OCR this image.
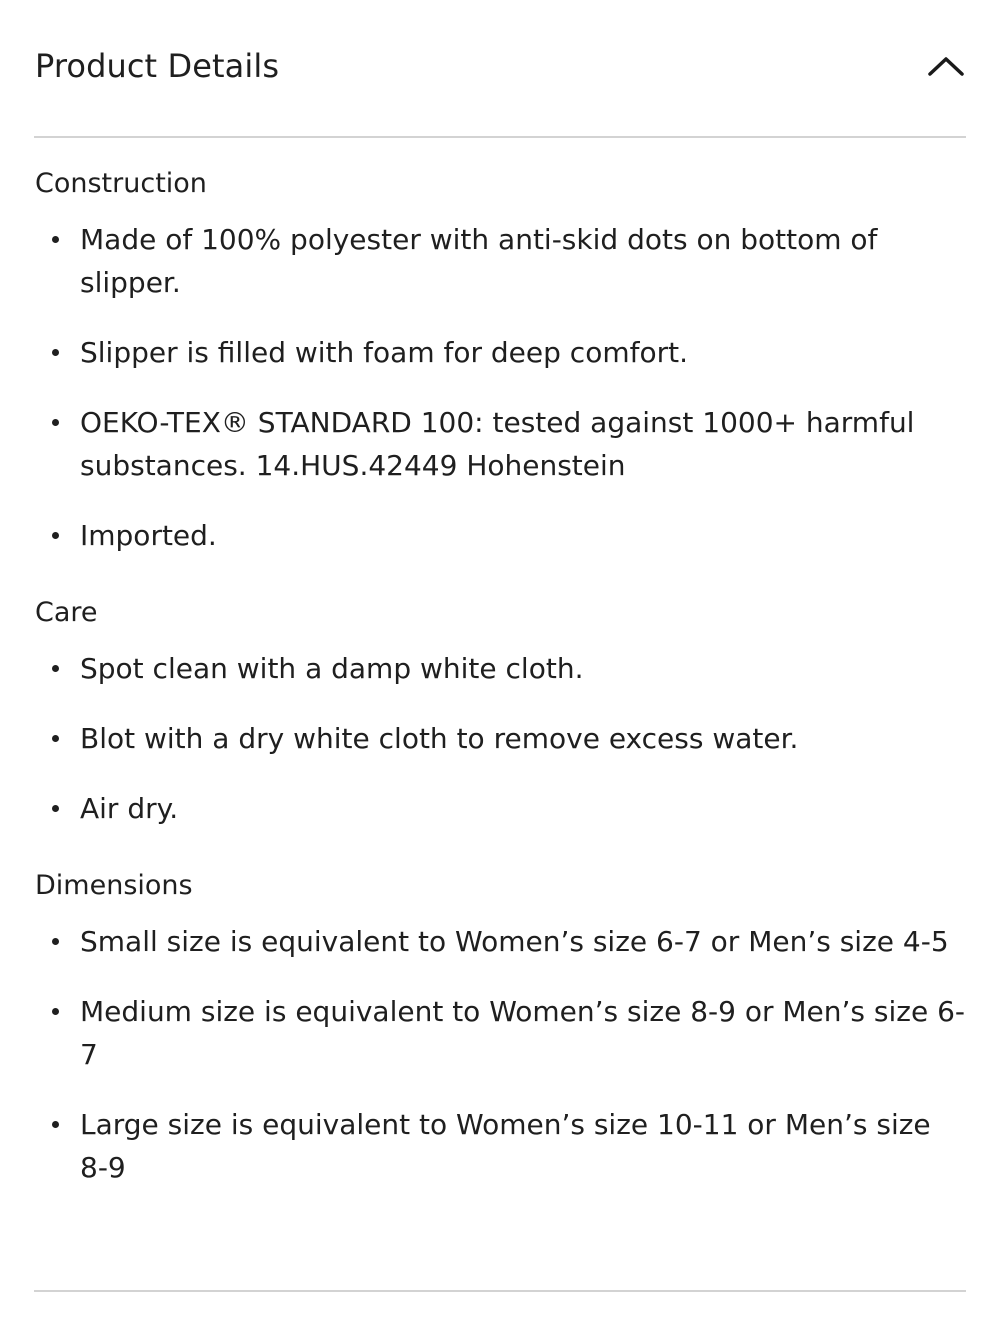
Product Details
Construction
Made of 100% polyester with anti-skid dots on bottom of slipper.
Slipper is filled with foam for deep comfort.
OEKO-TEX® STANDARD 100: tested against 1000+ harmful substances. 14.HUS.42449 Hohenstein
Imported.
Care
Spot clean with a damp white cloth.
Blot with a dry white cloth to remove excess water.
Air dry.
Dimensions
Small size is equivalent to Women’s size 6-7 or Men’s size 4-5
Medium size is equivalent to Women’s size 8-9 or Men’s size 6-7
Large size is equivalent to Women’s size 10-11 or Men’s size 8-9
